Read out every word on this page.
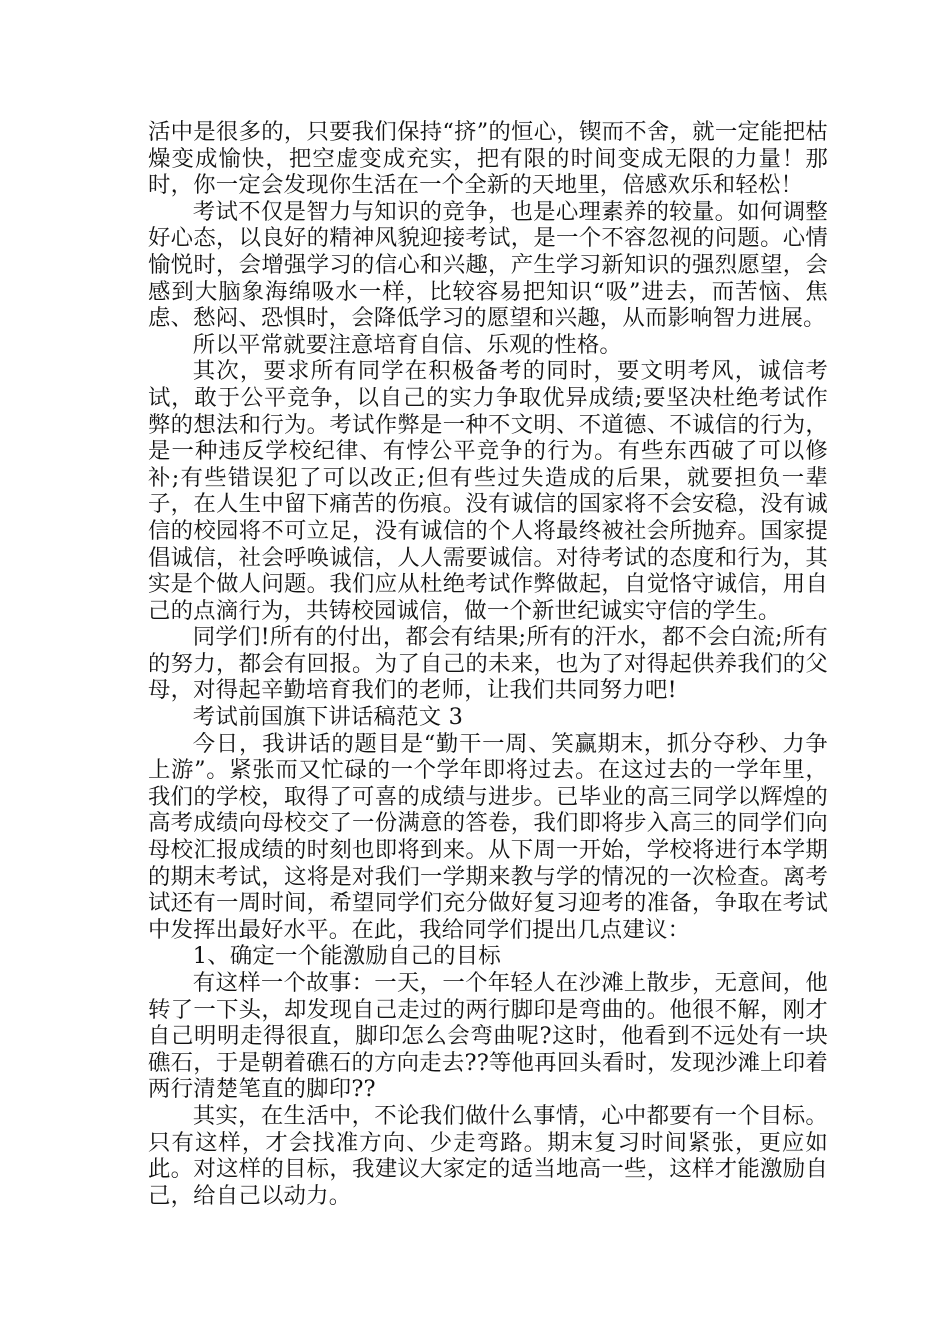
活中是很多的，只要我们保持“挤”的恒心，锲而不舍，就一定能把枯燥变成愉快，把空虚变成充实，把有限的时间变成无限的力量！那时，你一定会发现你生活在一个全新的天地里，倍感欢乐和轻松！

考试不仅是智力与知识的竞争，也是心理素养的较量。如何调整好心态，以良好的精神风貌迎接考试，是一个不容忽视的问题。心情愉悦时，会增强学习的信心和兴趣，产生学习新知识的强烈愿望，会感到大脑象海绵吸水一样，比较容易把知识“吸”进去，而苦恼、焦虑、愁闷、恐惧时，会降低学习的愿望和兴趣，从而影响智力进展。

所以平常就要注意培育自信、乐观的性格。

其次，要求所有同学在积极备考的同时，要文明考风，诚信考试，敢于公平竞争，以自己的实力争取优异成绩;要坚决杜绝考试作弊的想法和行为。考试作弊是一种不文明、不道德、不诚信的行为，是一种违反学校纪律、有悖公平竞争的行为。有些东西破了可以修补;有些错误犯了可以改正;但有些过失造成的后果，就要担负一辈子，在人生中留下痛苦的伤痕。没有诚信的国家将不会安稳，没有诚信的校园将不可立足，没有诚信的个人将最终被社会所抛弃。国家提倡诚信，社会呼唤诚信，人人需要诚信。对待考试的态度和行为，其实是个做人问题。我们应从杜绝考试作弊做起，自觉恪守诚信，用自己的点滴行为，共铸校园诚信，做一个新世纪诚实守信的学生。

同学们!所有的付出，都会有结果;所有的汗水，都不会白流;所有的努力，都会有回报。为了自己的未来，也为了对得起供养我们的父母，对得起辛勤培育我们的老师，让我们共同努力吧!

考试前国旗下讲话稿范文 3

今日，我讲话的题目是“勤干一周、笑赢期末，抓分夺秒、力争上游”。紧张而又忙碌的一个学年即将过去。在这过去的一学年里，我们的学校，取得了可喜的成绩与进步。已毕业的高三同学以辉煌的高考成绩向母校交了一份满意的答卷，我们即将步入高三的同学们向母校汇报成绩的时刻也即将到来。从下周一开始，学校将进行本学期的期末考试，这将是对我们一学期来教与学的情况的一次检查。离考试还有一周时间，希望同学们充分做好复习迎考的准备，争取在考试中发挥出最好水平。在此，我给同学们提出几点建议：

1、确定一个能激励自己的目标

有这样一个故事：一天，一个年轻人在沙滩上散步，无意间，他转了一下头，却发现自己走过的两行脚印是弯曲的。他很不解，刚才自己明明走得很直，脚印怎么会弯曲呢?这时，他看到不远处有一块礁石，于是朝着礁石的方向走去??等他再回头看时，发现沙滩上印着两行清楚笔直的脚印??

其实，在生活中，不论我们做什么事情，心中都要有一个目标。只有这样，才会找准方向、少走弯路。期末复习时间紧张，更应如此。对这样的目标，我建议大家定的适当地高一些，这样才能激励自己，给自己以动力。
